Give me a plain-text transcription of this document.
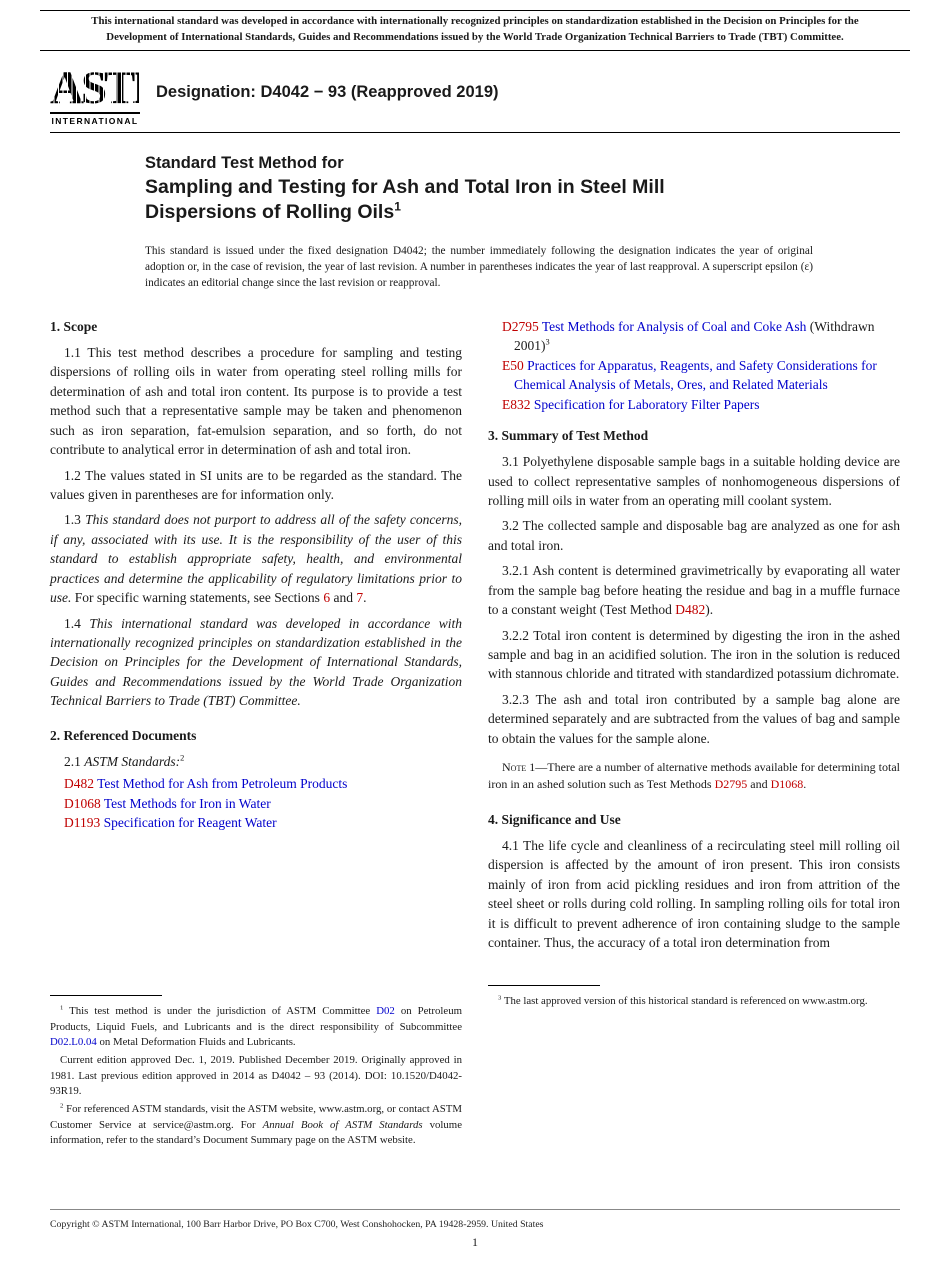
This international standard was developed in accordance with internationally recognized principles on standardization established in the Decision on Principles for the Development of International Standards, Guides and Recommendations issued by the World Trade Organization Technical Barriers to Trade (TBT) Committee.
ASTM
INTERNATIONAL
Designation: D4042 − 93 (Reapproved 2019)
Standard Test Method for
Sampling and Testing for Ash and Total Iron in Steel Mill Dispersions of Rolling Oils$^1$
This standard is issued under the fixed designation D4042; the number immediately following the designation indicates the year of original adoption or, in the case of revision, the year of last revision. A number in parentheses indicates the year of last reapproval. A superscript epsilon (ε) indicates an editorial change since the last revision or reapproval.
1. Scope

1.1 This test method describes a procedure for sampling and testing dispersions of rolling oils in water from operating steel rolling mills for determination of ash and total iron content. Its purpose is to provide a test method such that a representative sample may be taken and phenomenon such as iron separation, fat-emulsion separation, and so forth, do not contribute to analytical error in determination of ash and total iron.

1.2 The values stated in SI units are to be regarded as the standard. The values given in parentheses are for information only.

1.3 This standard does not purport to address all of the safety concerns, if any, associated with its use. It is the responsibility of the user of this standard to establish appropriate safety, health, and environmental practices and determine the applicability of regulatory limitations prior to use. For specific warning statements, see Sections 6 and 7.

1.4 This international standard was developed in accordance with internationally recognized principles on standardization established in the Decision on Principles for the Development of International Standards, Guides and Recommendations issued by the World Trade Organization Technical Barriers to Trade (TBT) Committee.

2. Referenced Documents

2.1 ASTM Standards:$^2$

D482 Test Method for Ash from Petroleum Products

D1068 Test Methods for Iron in Water

D1193 Specification for Reagent Water

$^1$ This test method is under the jurisdiction of ASTM Committee D02 on Petroleum Products, Liquid Fuels, and Lubricants and is the direct responsibility of Subcommittee D02.L0.04 on Metal Deformation Fluids and Lubricants.

Current edition approved Dec. 1, 2019. Published December 2019. Originally approved in 1981. Last previous edition approved in 2014 as D4042 – 93 (2014). DOI: 10.1520/D4042-93R19.

$^2$ For referenced ASTM standards, visit the ASTM website, www.astm.org, or contact ASTM Customer Service at service@astm.org. For Annual Book of ASTM Standards volume information, refer to the standard’s Document Summary page on the ASTM website.

D2795 Test Methods for Analysis of Coal and Coke Ash (Withdrawn 2001)$^3$

E50 Practices for Apparatus, Reagents, and Safety Considerations for Chemical Analysis of Metals, Ores, and Related Materials

E832 Specification for Laboratory Filter Papers

3. Summary of Test Method

3.1 Polyethylene disposable sample bags in a suitable holding device are used to collect representative samples of nonhomogeneous dispersions of rolling mill oils in water from an operating mill coolant system.

3.2 The collected sample and disposable bag are analyzed as one for ash and total iron.

3.2.1 Ash content is determined gravimetrically by evaporating all water from the sample bag before heating the residue and bag in a muffle furnace to a constant weight (Test Method D482).

3.2.2 Total iron content is determined by digesting the iron in the ashed sample and bag in an acidified solution. The iron in the solution is reduced with stannous chloride and titrated with standardized potassium dichromate.

3.2.3 The ash and total iron contributed by a sample bag alone are determined separately and are subtracted from the values of bag and sample to obtain the values for the sample alone.

Note 1—There are a number of alternative methods available for determining total iron in an ashed solution such as Test Methods D2795 and D1068.

4. Significance and Use

4.1 The life cycle and cleanliness of a recirculating steel mill rolling oil dispersion is affected by the amount of iron present. This iron consists mainly of iron from acid pickling residues and iron from attrition of the steel sheet or rolls during cold rolling. In sampling rolling oils for total iron it is difficult to prevent adherence of iron containing sludge to the sample container. Thus, the accuracy of a total iron determination from

$^3$ The last approved version of this historical standard is referenced on www.astm.org.

Copyright © ASTM International, 100 Barr Harbor Drive, PO Box C700, West Conshohocken, PA 19428-2959. United States
1
